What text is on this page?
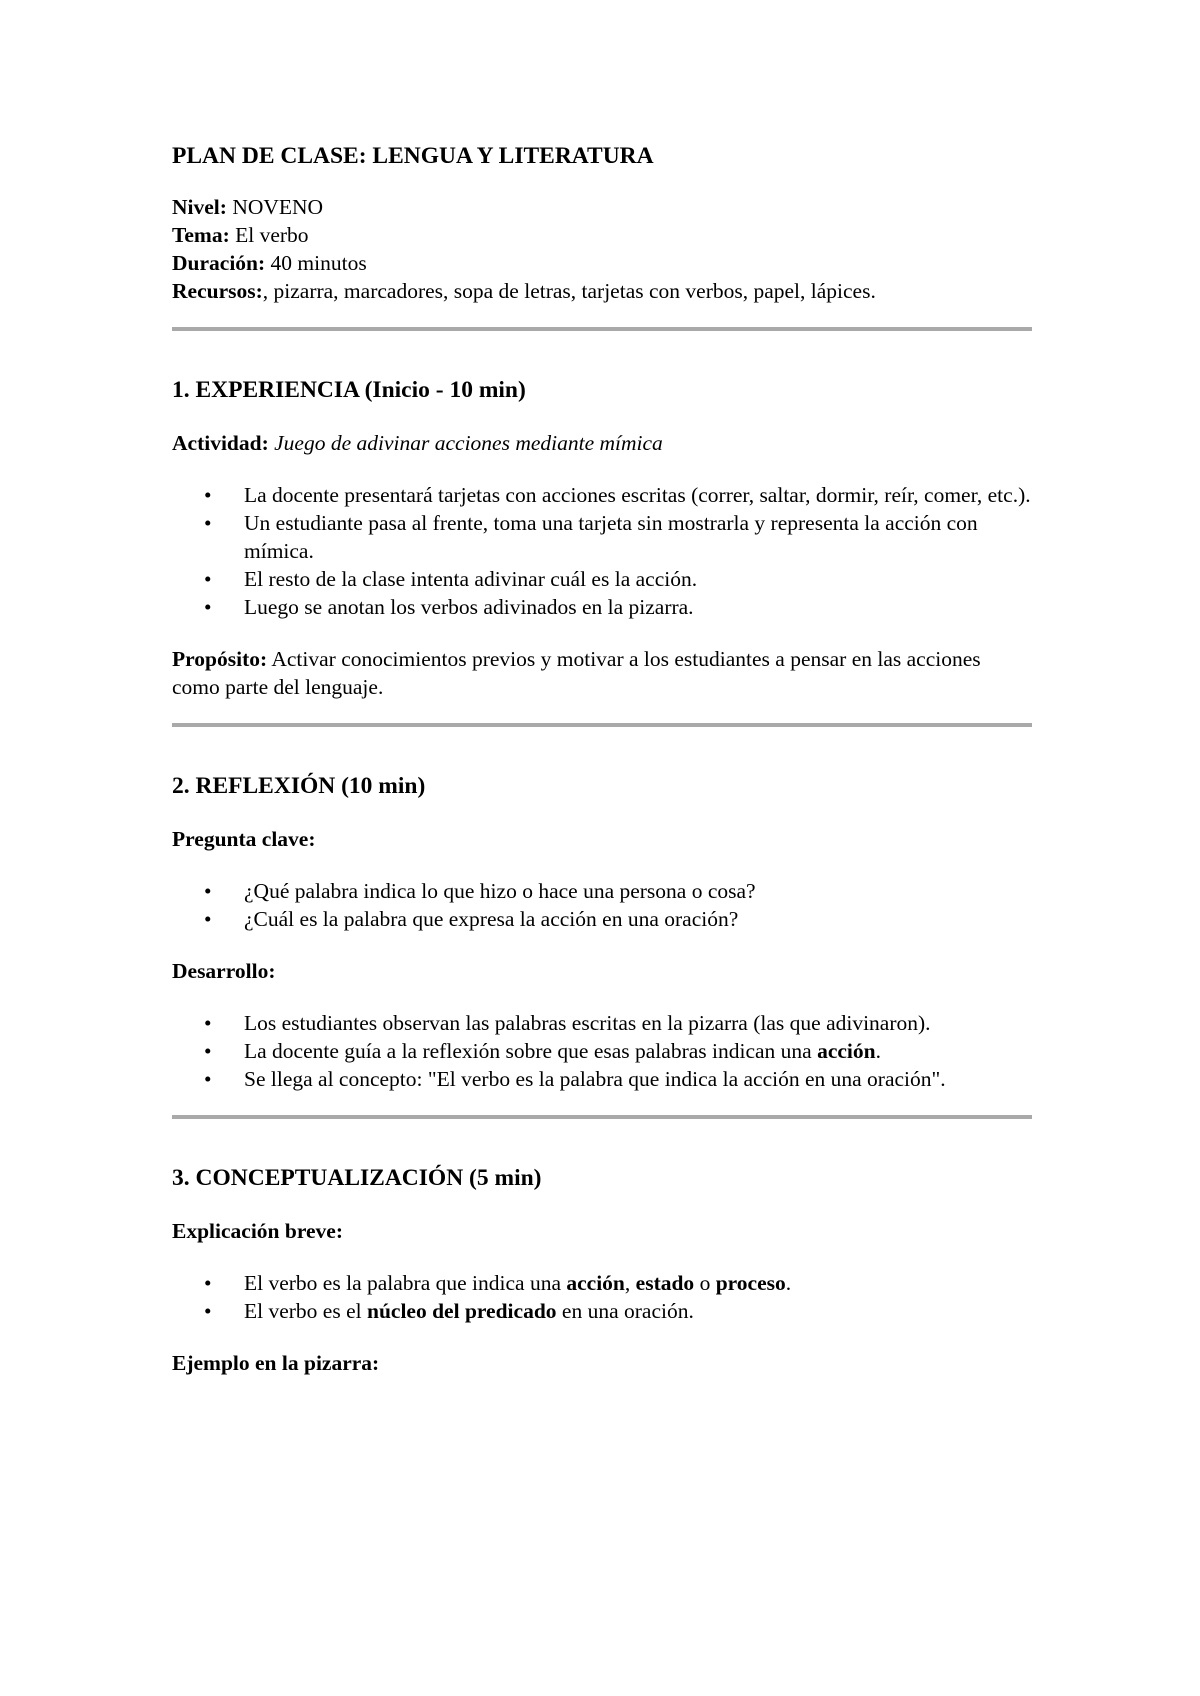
PLAN DE CLASE: LENGUA Y LITERATURA

Nivel: NOVENO

Tema: El verbo

Duración: 40 minutos

Recursos:, pizarra, marcadores, sopa de letras, tarjetas con verbos, papel, lápices.

1. EXPERIENCIA (Inicio - 10 min)

Actividad: Juego de adivinar acciones mediante mímica

• La docente presentará tarjetas con acciones escritas (correr, saltar, dormir, reír, comer, etc.).
• Un estudiante pasa al frente, toma una tarjeta sin mostrarla y representa la acción con mímica.
• El resto de la clase intenta adivinar cuál es la acción.
• Luego se anotan los verbos adivinados en la pizarra.

Propósito: Activar conocimientos previos y motivar a los estudiantes a pensar en las acciones como parte del lenguaje.

2. REFLEXIÓN (10 min)

Pregunta clave:

• ¿Qué palabra indica lo que hizo o hace una persona o cosa?
• ¿Cuál es la palabra que expresa la acción en una oración?

Desarrollo:

• Los estudiantes observan las palabras escritas en la pizarra (las que adivinaron).
• La docente guía a la reflexión sobre que esas palabras indican una acción.
• Se llega al concepto: "El verbo es la palabra que indica la acción en una oración".
3. CONCEPTUALIZACIÓN (5 min)

Explicación breve:

• El verbo es la palabra que indica una acción, estado o proceso.
• El verbo es el núcleo del predicado en una oración.

Ejemplo en la pizarra:
